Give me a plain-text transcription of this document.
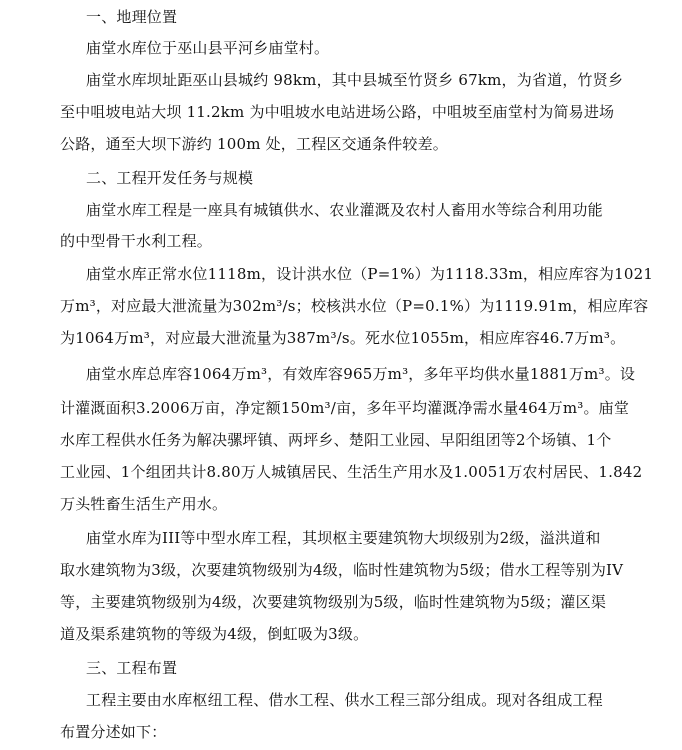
一、地理位置
庙堂水库位于巫山县平河乡庙堂村。
庙堂水库坝址距巫山县城约 98km，其中县城至竹贤乡 67km，为省道，竹贤乡
至中咀坡电站大坝 11.2km 为中咀坡水电站进场公路，中咀坡至庙堂村为简易进场
公路，通至大坝下游约 100m 处，工程区交通条件较差。
二、工程开发任务与规模
庙堂水库工程是一座具有城镇供水、农业灌溉及农村人畜用水等综合利用功能
的中型骨干水利工程。
庙堂水库正常水位1118m，设计洪水位（P=1%）为1118.33m，相应库容为1021
万m³，对应最大泄流量为302m³/s；校核洪水位（P=0.1%）为1119.91m，相应库容
为1064万m³，对应最大泄流量为387m³/s。死水位1055m，相应库容46.7万m³。
庙堂水库总库容1064万m³，有效库容965万m³，多年平均供水量1881万m³。设
计灌溉面积3.2006万亩，净定额150m³/亩，多年平均灌溉净需水量464万m³。庙堂
水库工程供水任务为解决骡坪镇、两坪乡、楚阳工业园、早阳组团等2个场镇、1个
工业园、1个组团共计8.80万人城镇居民、生活生产用水及1.0051万农村居民、1.842
万头牲畜生活生产用水。
庙堂水库为III等中型水库工程，其坝枢主要建筑物大坝级别为2级，溢洪道和
取水建筑物为3级，次要建筑物级别为4级，临时性建筑物为5级；借水工程等别为IV
等，主要建筑物级别为4级，次要建筑物级别为5级，临时性建筑物为5级；灌区渠
道及渠系建筑物的等级为4级，倒虹吸为3级。
三、工程布置
工程主要由水库枢纽工程、借水工程、供水工程三部分组成。现对各组成工程
布置分述如下：
